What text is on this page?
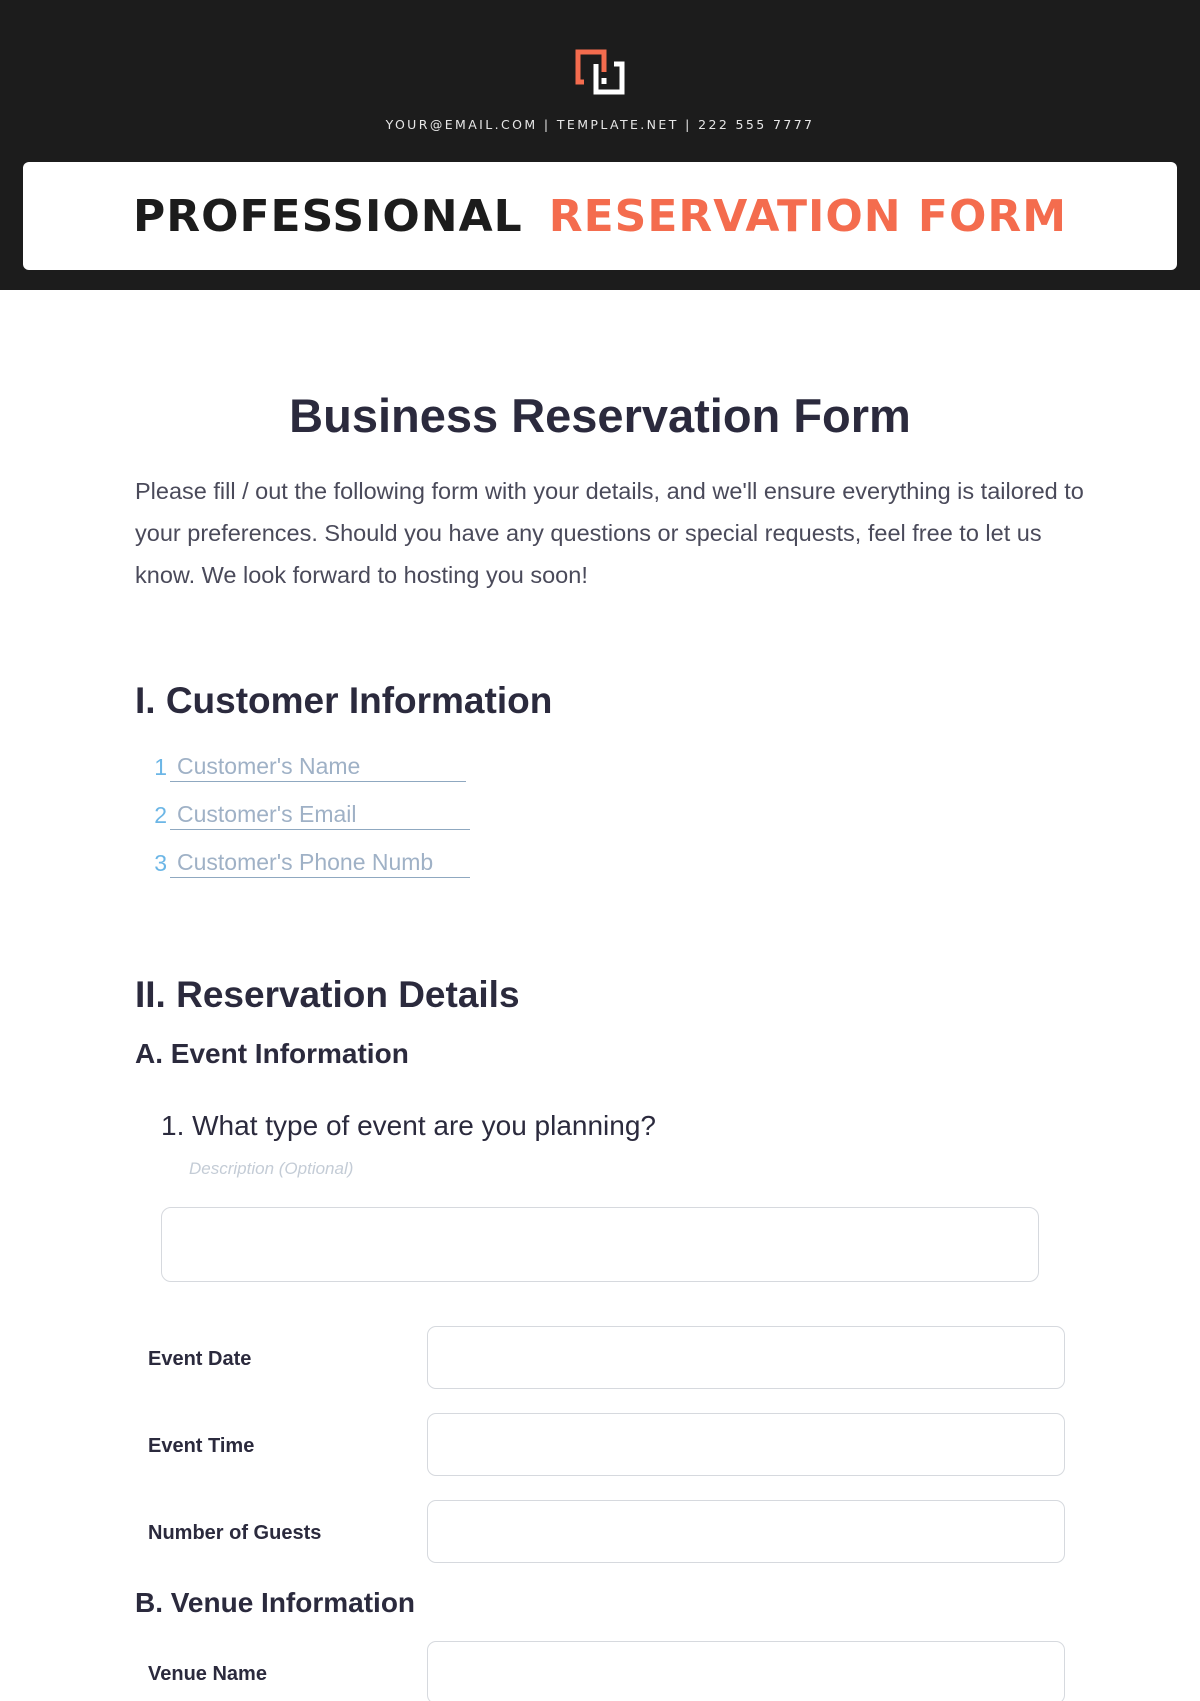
YOUR@EMAIL.COM | TEMPLATE.NET | 222 555 7777
PROFESSIONAL RESERVATION FORM
Business Reservation Form
Please fill / out the following form with your details, and we'll ensure everything is tailored to your preferences. Should you have any questions or special requests, feel free to let us know. We look forward to hosting you soon!
I. Customer Information
1 Customer's Name
2 Customer's Email
3 Customer's Phone Numb
II. Reservation Details
A. Event Information
1. What type of event are you planning?
Description (Optional)
Event Date
Event Time
Number of Guests
B. Venue Information
Venue Name
